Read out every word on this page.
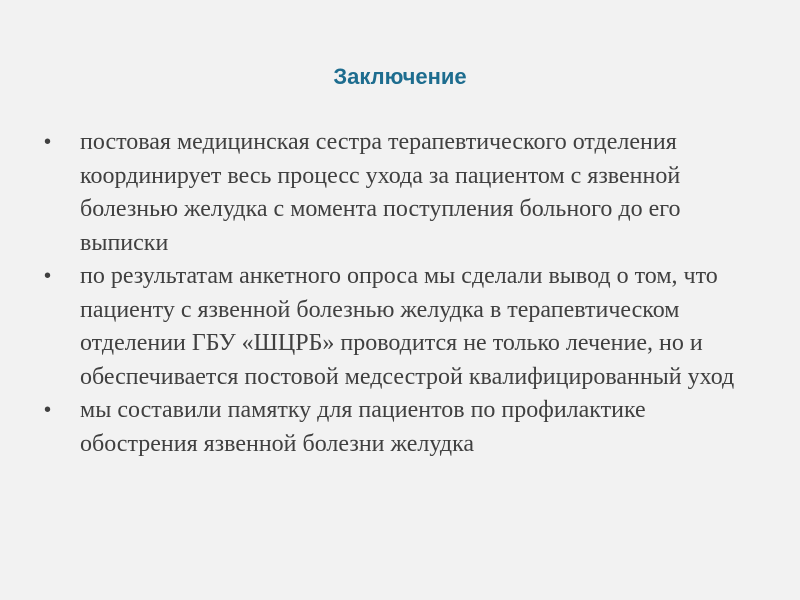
Заключение
• постовая медицинская сестра терапевтического отделения координирует весь процесс ухода за пациентом с язвенной болезнью желудка с момента поступления больного до его выписки
• по результатам анкетного опроса мы сделали вывод о том, что пациенту с язвенной болезнью желудка в терапевтическом отделении ГБУ «ШЦРБ» проводится не только лечение, но и обеспечивается постовой медсестрой квалифицированный уход
• мы составили памятку для пациентов по профилактике обострения язвенной болезни желудка
